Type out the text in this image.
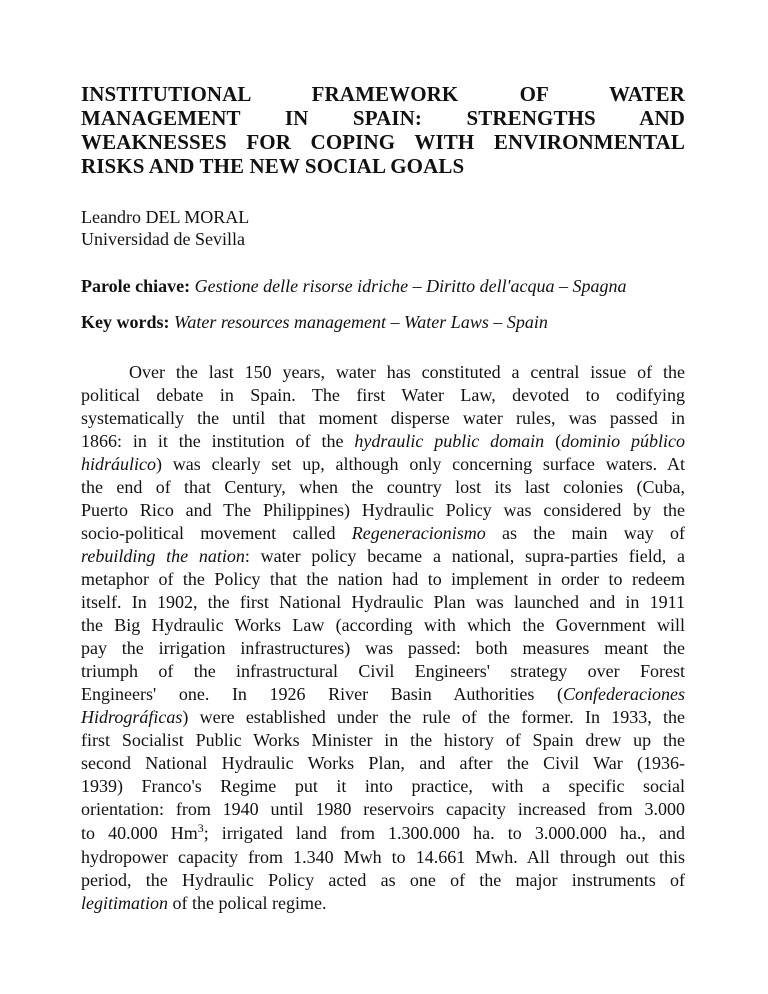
INSTITUTIONAL FRAMEWORK OF WATER
MANAGEMENT IN SPAIN: STRENGTHS AND
WEAKNESSES FOR COPING WITH ENVIRONMENTAL
RISKS AND THE NEW SOCIAL GOALS
Leandro DEL MORAL
Universidad de Sevilla
Parole chiave: Gestione delle risorse idriche – Diritto dell'acqua – Spagna
Key words: Water resources management – Water Laws – Spain
Over the last 150 years, water has constituted a central issue of the
political debate in Spain. The first Water Law, devoted to codifying
systematically the until that moment disperse water rules, was passed in
1866: in it the institution of the hydraulic public domain (dominio público
hidráulico) was clearly set up, although only concerning surface waters. At
the end of that Century, when the country lost its last colonies (Cuba,
Puerto Rico and The Philippines) Hydraulic Policy was considered by the
socio-political movement called Regeneracionismo as the main way of
rebuilding the nation: water policy became a national, supra-parties field, a
metaphor of the Policy that the nation had to implement in order to redeem
itself. In 1902, the first National Hydraulic Plan was launched and in 1911
the Big Hydraulic Works Law (according with which the Government will
pay the irrigation infrastructures) was passed: both measures meant the
triumph of the infrastructural Civil Engineers' strategy over Forest
Engineers' one. In 1926 River Basin Authorities (Confederaciones
Hidrográficas) were established under the rule of the former. In 1933, the
first Socialist Public Works Minister in the history of Spain drew up the
second National Hydraulic Works Plan, and after the Civil War (1936-
1939) Franco's Regime put it into practice, with a specific social
orientation: from 1940 until 1980 reservoirs capacity increased from 3.000
to 40.000 Hm$^3$; irrigated land from 1.300.000 ha. to 3.000.000 ha., and
hydropower capacity from 1.340 Mwh to 14.661 Mwh. All through out this
period, the Hydraulic Policy acted as one of the major instruments of
legitimation of the polical regime.
